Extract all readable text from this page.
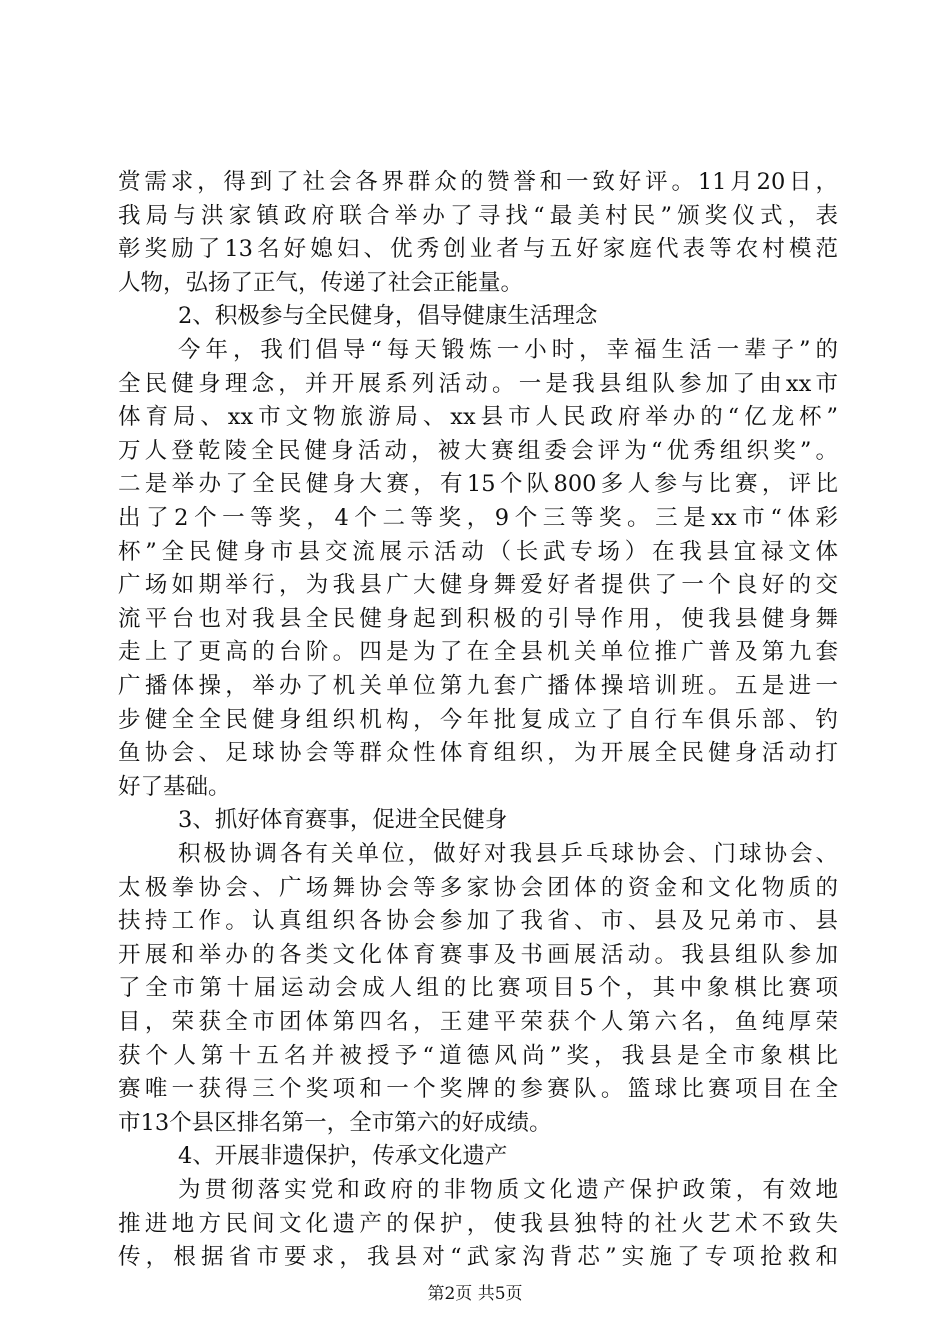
赏需求，得到了社会各界群众的赞誉和一致好评。11月20日，
我局与洪家镇政府联合举办了寻找“最美村民”颁奖仪式，表
彰奖励了13名好媳妇、优秀创业者与五好家庭代表等农村模范
人物，弘扬了正气，传递了社会正能量。
2、积极参与全民健身，倡导健康生活理念
今年，我们倡导“每天锻炼一小时，幸福生活一辈子”的
全民健身理念，并开展系列活动。一是我县组队参加了由xx市
体育局、xx市文物旅游局、xx县市人民政府举办的“亿龙杯”
万人登乾陵全民健身活动，被大赛组委会评为“优秀组织奖”。
二是举办了全民健身大赛，有15个队800多人参与比赛，评比
出了2个一等奖，4个二等奖，9个三等奖。三是xx市“体彩
杯”全民健身市县交流展示活动（长武专场）在我县宜禄文体
广场如期举行，为我县广大健身舞爱好者提供了一个良好的交
流平台也对我县全民健身起到积极的引导作用，使我县健身舞
走上了更高的台阶。四是为了在全县机关单位推广普及第九套
广播体操，举办了机关单位第九套广播体操培训班。五是进一
步健全全民健身组织机构，今年批复成立了自行车俱乐部、钓
鱼协会、足球协会等群众性体育组织，为开展全民健身活动打
好了基础。
3、抓好体育赛事，促进全民健身
积极协调各有关单位，做好对我县乒乓球协会、门球协会、
太极拳协会、广场舞协会等多家协会团体的资金和文化物质的
扶持工作。认真组织各协会参加了我省、市、县及兄弟市、县
开展和举办的各类文化体育赛事及书画展活动。我县组队参加
了全市第十届运动会成人组的比赛项目5个，其中象棋比赛项
目，荣获全市团体第四名，王建平荣获个人第六名，鱼纯厚荣
获个人第十五名并被授予“道德风尚”奖，我县是全市象棋比
赛唯一获得三个奖项和一个奖牌的参赛队。篮球比赛项目在全
市13个县区排名第一，全市第六的好成绩。
4、开展非遗保护，传承文化遗产
为贯彻落实党和政府的非物质文化遗产保护政策，有效地
推进地方民间文化遗产的保护，使我县独特的社火艺术不致失
传，根据省市要求，我县对“武家沟背芯”实施了专项抢救和
第2页 共5页
